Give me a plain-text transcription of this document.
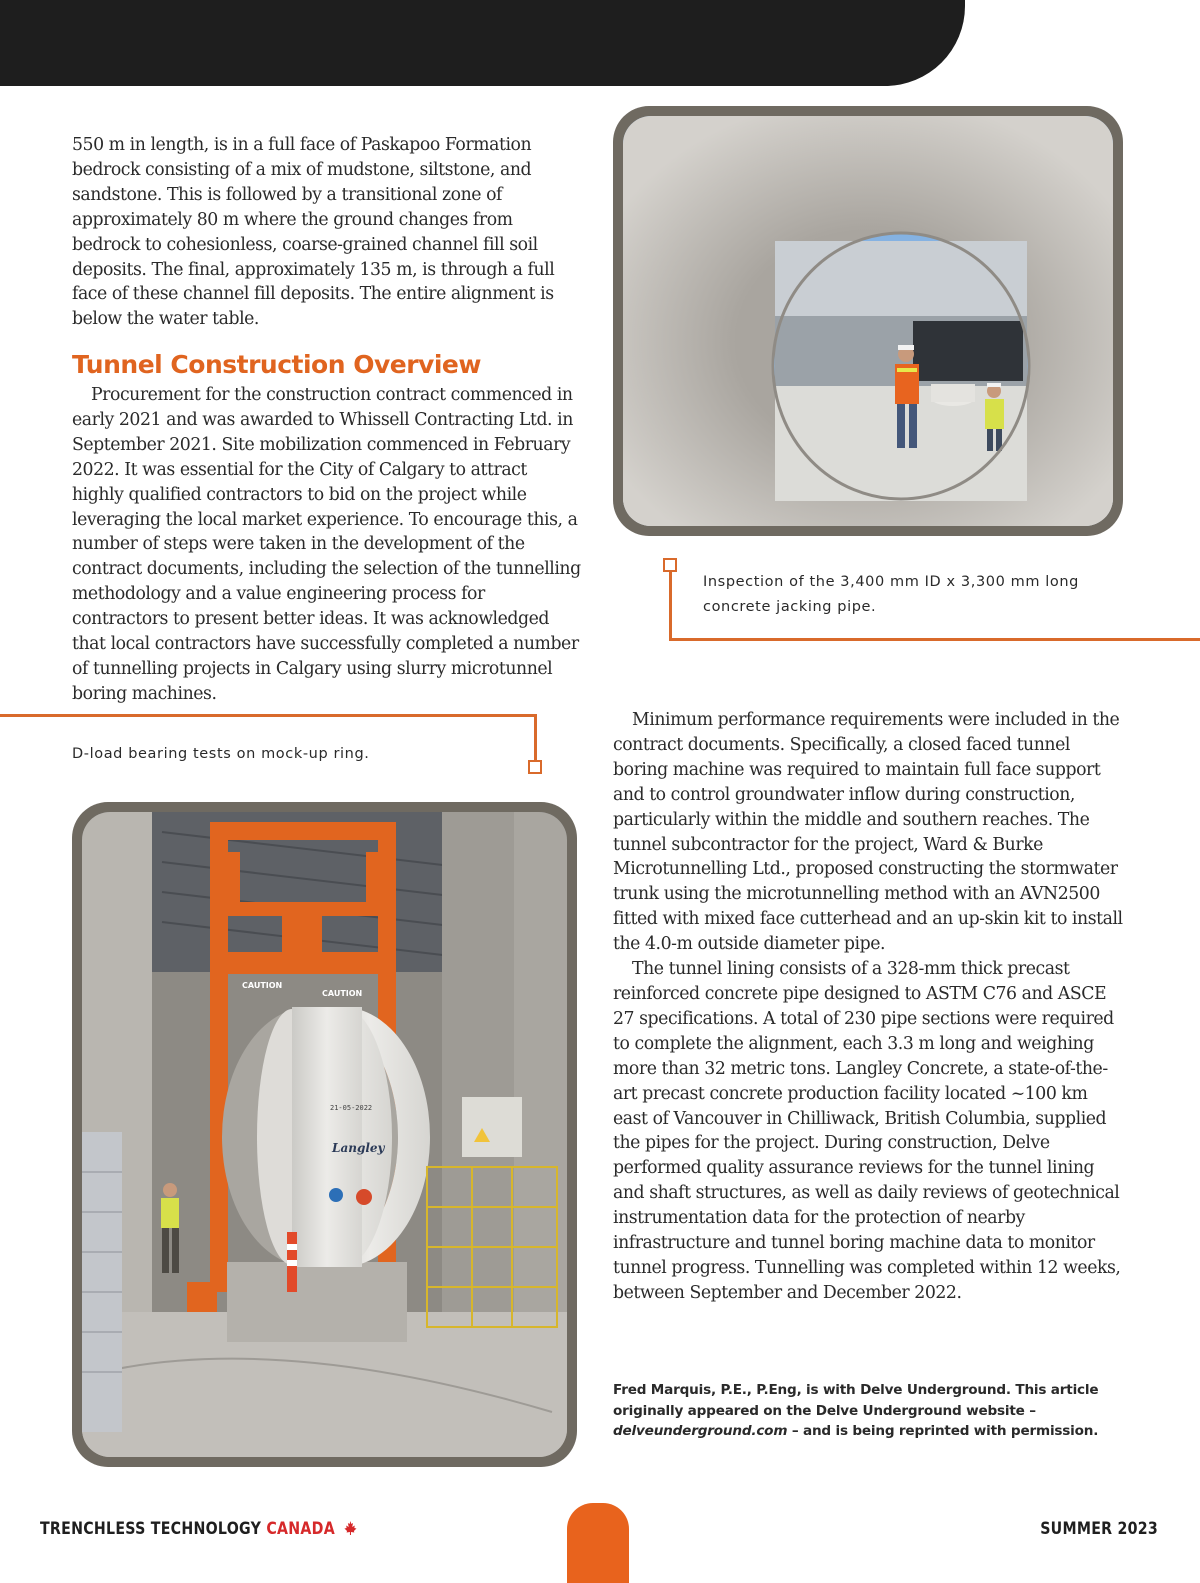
550 m in length, is in a full face of Paskapoo Formation bedrock consisting of a mix of mudstone, siltstone, and sandstone. This is followed by a transitional zone of approximately 80 m where the ground changes from bedrock to cohesionless, coarse-grained channel fill soil deposits. The final, approximately 135 m, is through a full face of these channel fill deposits. The entire alignment is below the water table.

Tunnel Construction Overview

Procurement for the construction contract commenced in early 2021 and was awarded to Whissell Contracting Ltd. in September 2021. Site mobilization commenced in February 2022. It was essential for the City of Calgary to attract highly qualified contractors to bid on the project while leveraging the local market experience. To encourage this, a number of steps were taken in the development of the contract documents, including the selection of the tunnelling methodology and a value engineering process for contractors to present better ideas. It was acknowledged that local contractors have successfully completed a number of tunnelling projects in Calgary using slurry microtunnel boring machines.

Minimum performance requirements were included in the contract documents. Specifically, a closed faced tunnel boring machine was required to maintain full face support and to control groundwater inflow during construction, particularly within the middle and southern reaches. The tunnel subcontractor for the project, Ward & Burke Microtunnelling Ltd., proposed constructing the stormwater trunk using the microtunnelling method with an AVN2500 fitted with mixed face cutterhead and an up-skin kit to install the 4.0-m outside diameter pipe.

The tunnel lining consists of a 328-mm thick precast reinforced concrete pipe designed to ASTM C76 and ASCE 27 specifications. A total of 230 pipe sections were required to complete the alignment, each 3.3 m long and weighing more than 32 metric tons. Langley Concrete, a state-of-the-art precast concrete production facility located ~100 km east of Vancouver in Chilliwack, British Columbia, supplied the pipes for the project. During construction, Delve performed quality assurance reviews for the tunnel lining and shaft structures, as well as daily reviews of geotechnical instrumentation data for the protection of nearby infrastructure and tunnel boring machine data to monitor tunnel progress. Tunnelling was completed within 12 weeks, between September and December 2022.

Fred Marquis, P.E., P.Eng, is with Delve Underground. This article originally appeared on the Delve Underground website – delveunderground.com – and is being reprinted with permission.
Inspection of the 3,400 mm ID x 3,300 mm long concrete jacking pipe.
D-load bearing tests on mock-up ring.
CAUTION
CAUTION
21-05-2022
Langley
TRENCHLESS TECHNOLOGY CANADA	SUMMER 2023
